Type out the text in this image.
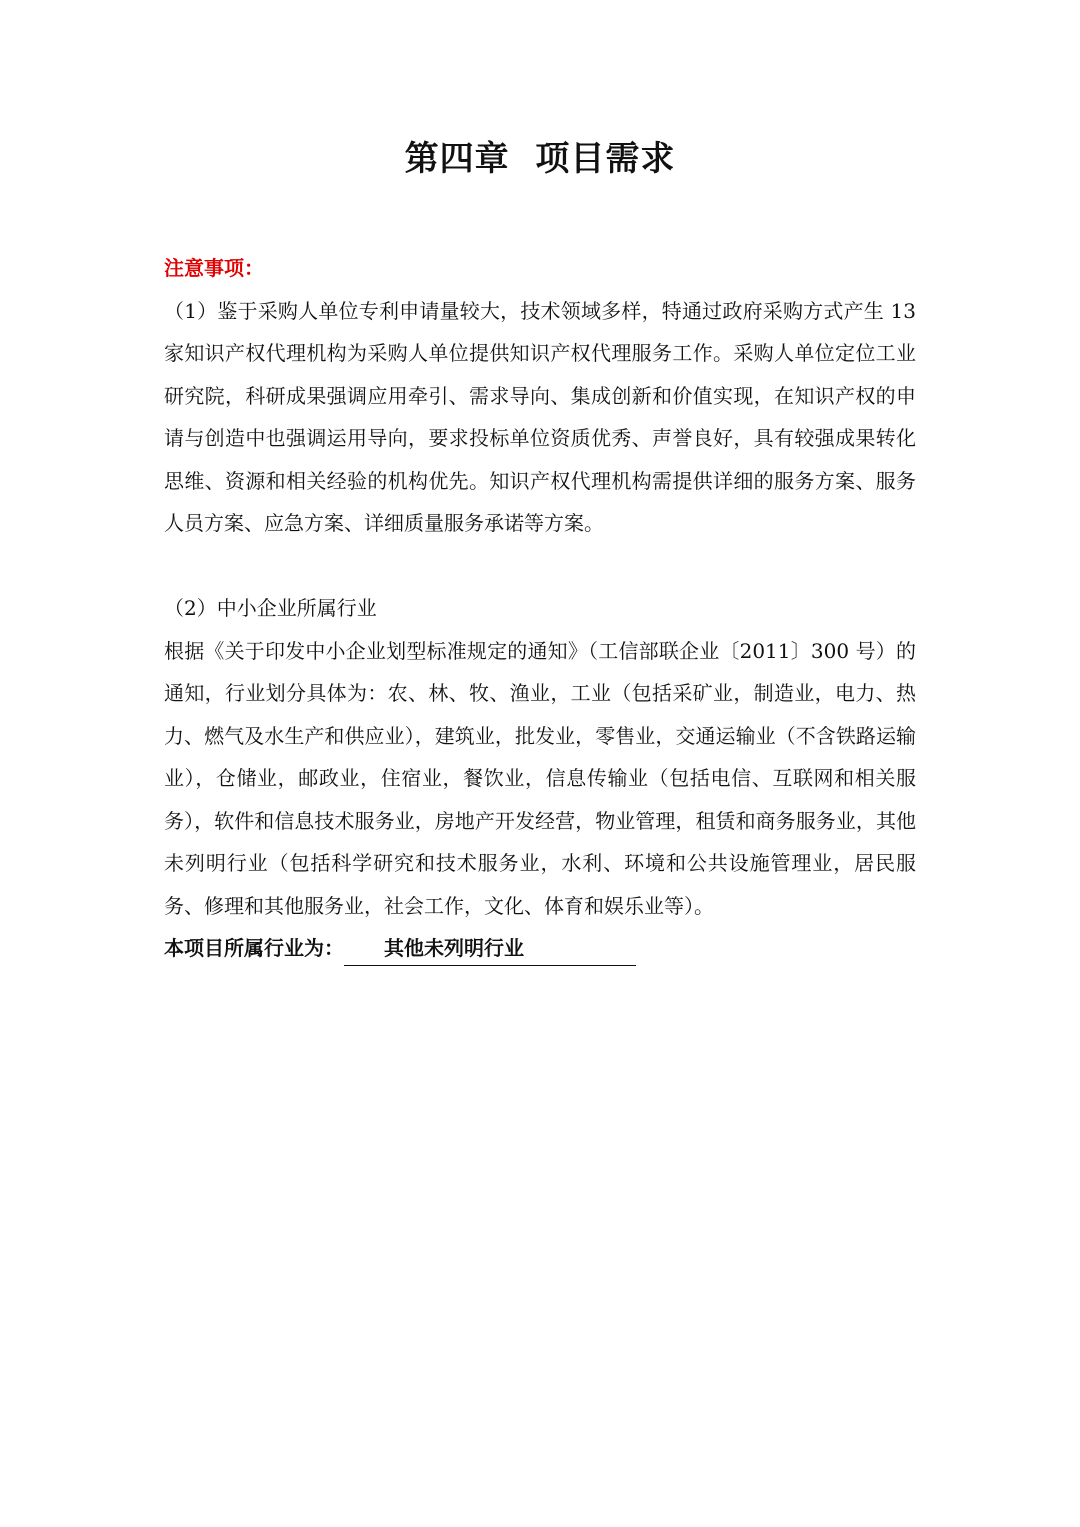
第四章  项目需求
注意事项：

（1）鉴于采购人单位专利申请量较大，技术领域多样，特通过政府采购方式产生 13 家知识产权代理机构为采购人单位提供知识产权代理服务工作。采购人单位定位工业研究院，科研成果强调应用牵引、需求导向、集成创新和价值实现，在知识产权的申请与创造中也强调运用导向，要求投标单位资质优秀、声誉良好，具有较强成果转化思维、资源和相关经验的机构优先。知识产权代理机构需提供详细的服务方案、服务人员方案、应急方案、详细质量服务承诺等方案。

（2）中小企业所属行业

根据《关于印发中小企业划型标准规定的通知》（工信部联企业〔2011〕300 号）的通知，行业划分具体为：农、林、牧、渔业，工业（包括采矿业，制造业，电力、热力、燃气及水生产和供应业），建筑业，批发业，零售业，交通运输业（不含铁路运输业），仓储业，邮政业，住宿业，餐饮业，信息传输业（包括电信、互联网和相关服务），软件和信息技术服务业，房地产开发经营，物业管理，租赁和商务服务业，其他未列明行业（包括科学研究和技术服务业，水利、环境和公共设施管理业，居民服务、修理和其他服务业，社会工作，文化、体育和娱乐业等）。

本项目所属行业为： 其他未列明行业
